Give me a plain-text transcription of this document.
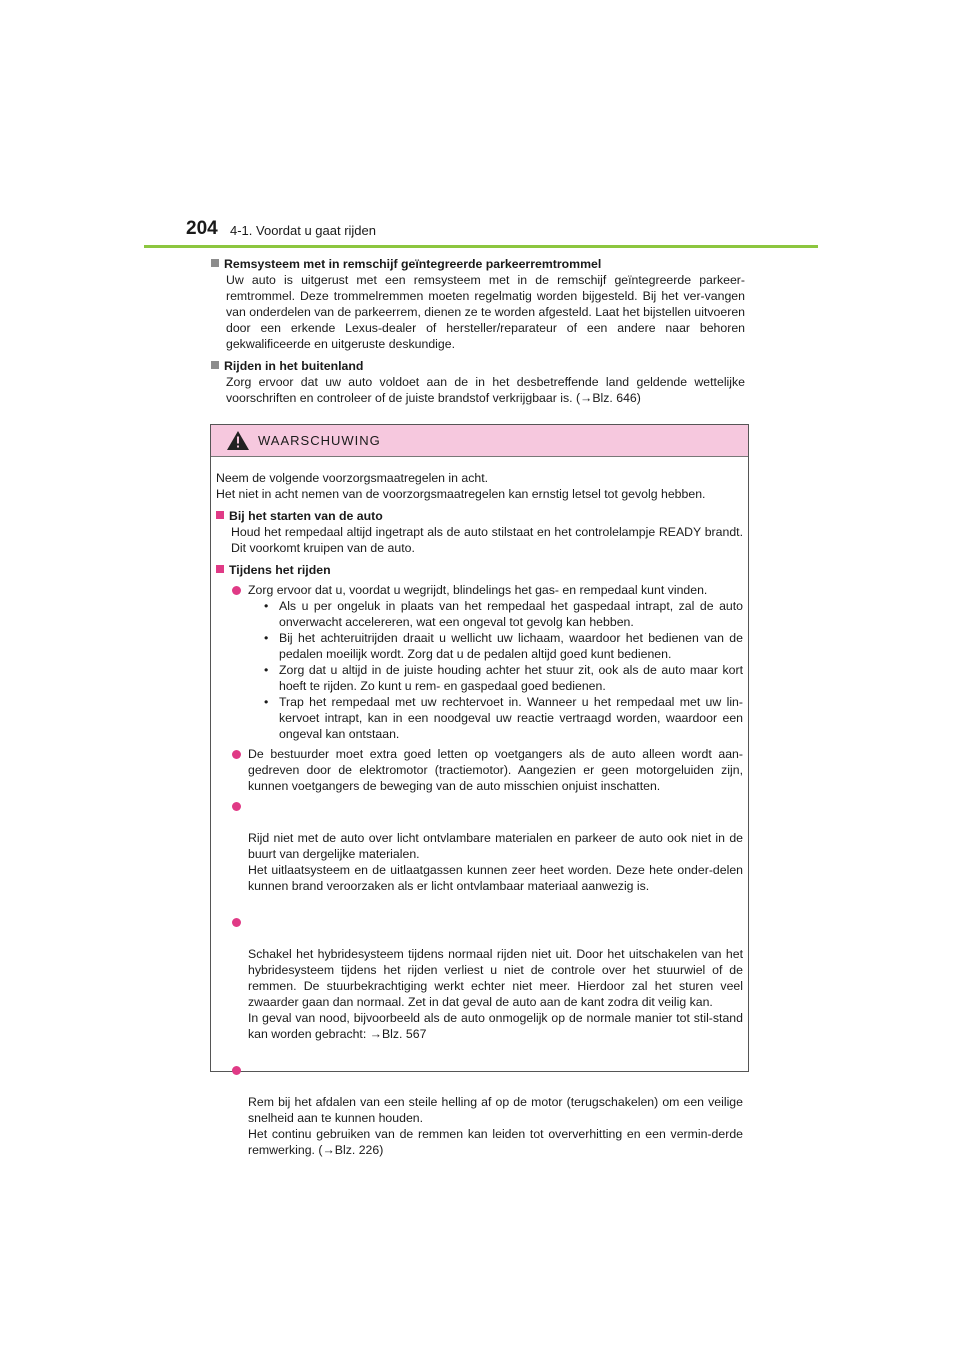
204 4-1. Voordat u gaat rijden
Remsysteem met in remschijf geïntegreerde parkeerremtrommel
Uw auto is uitgerust met een remsysteem met in de remschijf geïntegreerde parkeer-remtrommel. Deze trommelremmen moeten regelmatig worden bijgesteld. Bij het ver-vangen van onderdelen van de parkeerrem, dienen ze te worden afgesteld. Laat het bijstellen uitvoeren door een erkende Lexus-dealer of hersteller/reparateur of een andere naar behoren gekwalificeerde en uitgeruste deskundige.
Rijden in het buitenland
Zorg ervoor dat uw auto voldoet aan de in het desbetreffende land geldende wettelijke voorschriften en controleer of de juiste brandstof verkrijgbaar is. (→Blz. 646)
WAARSCHUWING
Neem de volgende voorzorgsmaatregelen in acht.
Het niet in acht nemen van de voorzorgsmaatregelen kan ernstig letsel tot gevolg hebben.
Bij het starten van de auto
Houd het rempedaal altijd ingetrapt als de auto stilstaat en het controlelampje READY brandt. Dit voorkomt kruipen van de auto.
Tijdens het rijden
Zorg ervoor dat u, voordat u wegrijdt, blindelings het gas- en rempedaal kunt vinden.
• Als u per ongeluk in plaats van het rempedaal het gaspedaal intrapt, zal de auto onverwacht accelereren, wat een ongeval tot gevolg kan hebben.
• Bij het achteruitrijden draait u wellicht uw lichaam, waardoor het bedienen van de pedalen moeilijk wordt. Zorg dat u de pedalen altijd goed kunt bedienen.
• Zorg dat u altijd in de juiste houding achter het stuur zit, ook als de auto maar kort hoeft te rijden. Zo kunt u rem- en gaspedaal goed bedienen.
• Trap het rempedaal met uw rechtervoet in. Wanneer u het rempedaal met uw lin-kervoet intrapt, kan in een noodgeval uw reactie vertraagd worden, waardoor een ongeval kan ontstaan.
De bestuurder moet extra goed letten op voetgangers als de auto alleen wordt aan-gedreven door de elektromotor (tractiemotor). Aangezien er geen motorgeluiden zijn, kunnen voetgangers de beweging van de auto misschien onjuist inschatten.

Rijd niet met de auto over licht ontvlambare materialen en parkeer de auto ook niet in de buurt van dergelijke materialen.
Het uitlaatsysteem en de uitlaatgassen kunnen zeer heet worden. Deze hete onder-delen kunnen brand veroorzaken als er licht ontvlambaar materiaal aanwezig is.

Schakel het hybridesysteem tijdens normaal rijden niet uit. Door het uitschakelen van het hybridesysteem tijdens het rijden verliest u niet de controle over het stuurwiel of de remmen. De stuurbekrachtiging werkt echter niet meer. Hierdoor zal het sturen veel zwaarder gaan dan normaal. Zet in dat geval de auto aan de kant zodra dit veilig kan.
In geval van nood, bijvoorbeeld als de auto onmogelijk op de normale manier tot stil-stand kan worden gebracht: →Blz. 567

Rem bij het afdalen van een steile helling af op de motor (terugschakelen) om een veilige snelheid aan te kunnen houden.
Het continu gebruiken van de remmen kan leiden tot oververhitting en een vermin-derde remwerking. (→Blz. 226)
